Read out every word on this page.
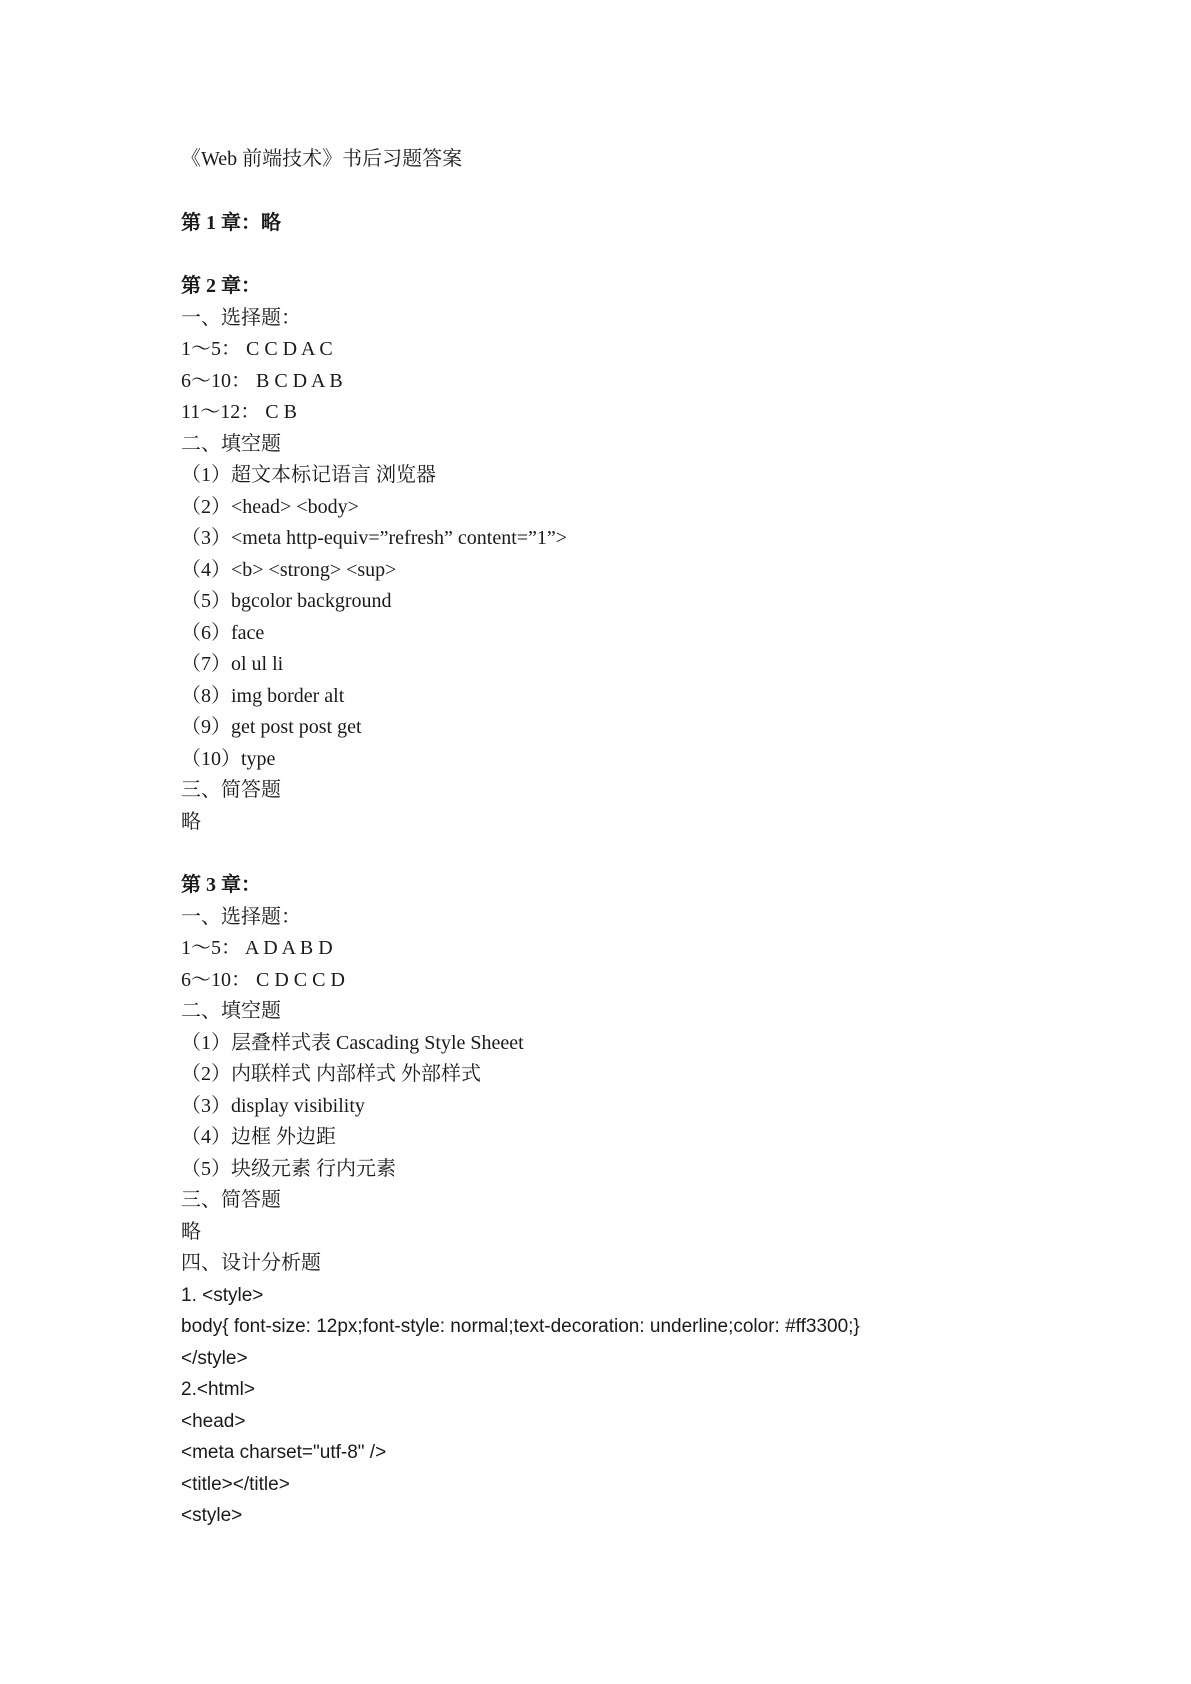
《Web 前端技术》书后习题答案
第 1 章：略
第 2 章：
一、选择题：
1～5： C C D A C
6～10： B C D A B
11～12： C B
二、填空题
（1）超文本标记语言 浏览器
（2）<head> <body>
（3）<meta http-equiv=”refresh” content=”1”>
（4）<b> <strong> <sup>
（5）bgcolor background
（6）face
（7）ol ul li
（8）img border alt
（9）get post post get
（10）type
三、简答题
略
第 3 章：
一、选择题：
1～5： A D A B D
6～10： C D C C D
二、填空题
（1）层叠样式表 Cascading Style Sheeet
（2）内联样式 内部样式 外部样式
（3）display visibility
（4）边框 外边距
（5）块级元素 行内元素
三、简答题
略
四、设计分析题
1. <style>
body{ font-size: 12px;font-style: normal;text-decoration: underline;color: #ff3300;}
</style>
2.<html>
<head>
<meta charset="utf-8" />
<title></title>
<style>
